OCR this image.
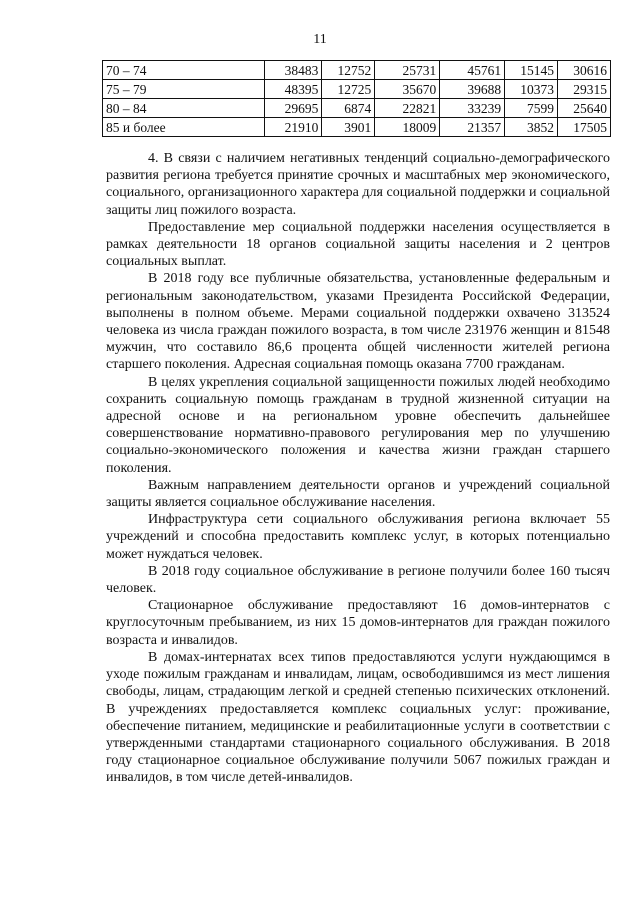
11
70 – 74	38483	12752	25731	45761	15145	30616
75 – 79	48395	12725	35670	39688	10373	29315
80 – 84	29695	6874	22821	33239	7599	25640
85 и более	21910	3901	18009	21357	3852	17505

4. В связи с наличием негативных тенденций социально-демографического развития региона требуется принятие срочных и масштабных мер экономического, социального, организационного характера для социальной поддержки и социальной защиты лиц пожилого возраста.

Предоставление мер социальной поддержки населения осуществляется в рамках деятельности 18 органов социальной защиты населения и 2 центров социальных выплат.

В 2018 году все публичные обязательства, установленные федеральным и региональным законодательством, указами Президента Российской Федерации, выполнены в полном объеме. Мерами социальной поддержки охвачено 313524 человека из числа граждан пожилого возраста, в том числе 231976 женщин и 81548 мужчин, что составило 86,6 процента общей численности жителей региона старшего поколения. Адресная социальная помощь оказана 7700 гражданам.

В целях укрепления социальной защищенности пожилых людей необходимо сохранить социальную помощь гражданам в трудной жизненной ситуации на адресной основе и на региональном уровне обеспечить дальнейшее совершенствование нормативно-правового регулирования мер по улучшению социально-экономического положения и качества жизни граждан старшего поколения.

Важным направлением деятельности органов и учреждений социальной защиты является социальное обслуживание населения.

Инфраструктура сети социального обслуживания региона включает 55 учреждений и способна предоставить комплекс услуг, в которых потенциально может нуждаться человек.

В 2018 году социальное обслуживание в регионе получили более 160 тысяч человек.

Стационарное обслуживание предоставляют 16 домов-интернатов с круглосуточным пребыванием, из них 15 домов-интернатов для граждан пожилого возраста и инвалидов.

В домах-интернатах всех типов предоставляются услуги нуждающимся в уходе пожилым гражданам и инвалидам, лицам, освободившимся из мест лишения свободы, лицам, страдающим легкой и средней степенью психических отклонений. В учреждениях предоставляется комплекс социальных услуг: проживание, обеспечение питанием, медицинские и реабилитационные услуги в соответствии с утвержденными стандартами стационарного социального обслуживания. В 2018 году стационарное социальное обслуживание получили 5067 пожилых граждан и инвалидов, в том числе детей-инвалидов.
